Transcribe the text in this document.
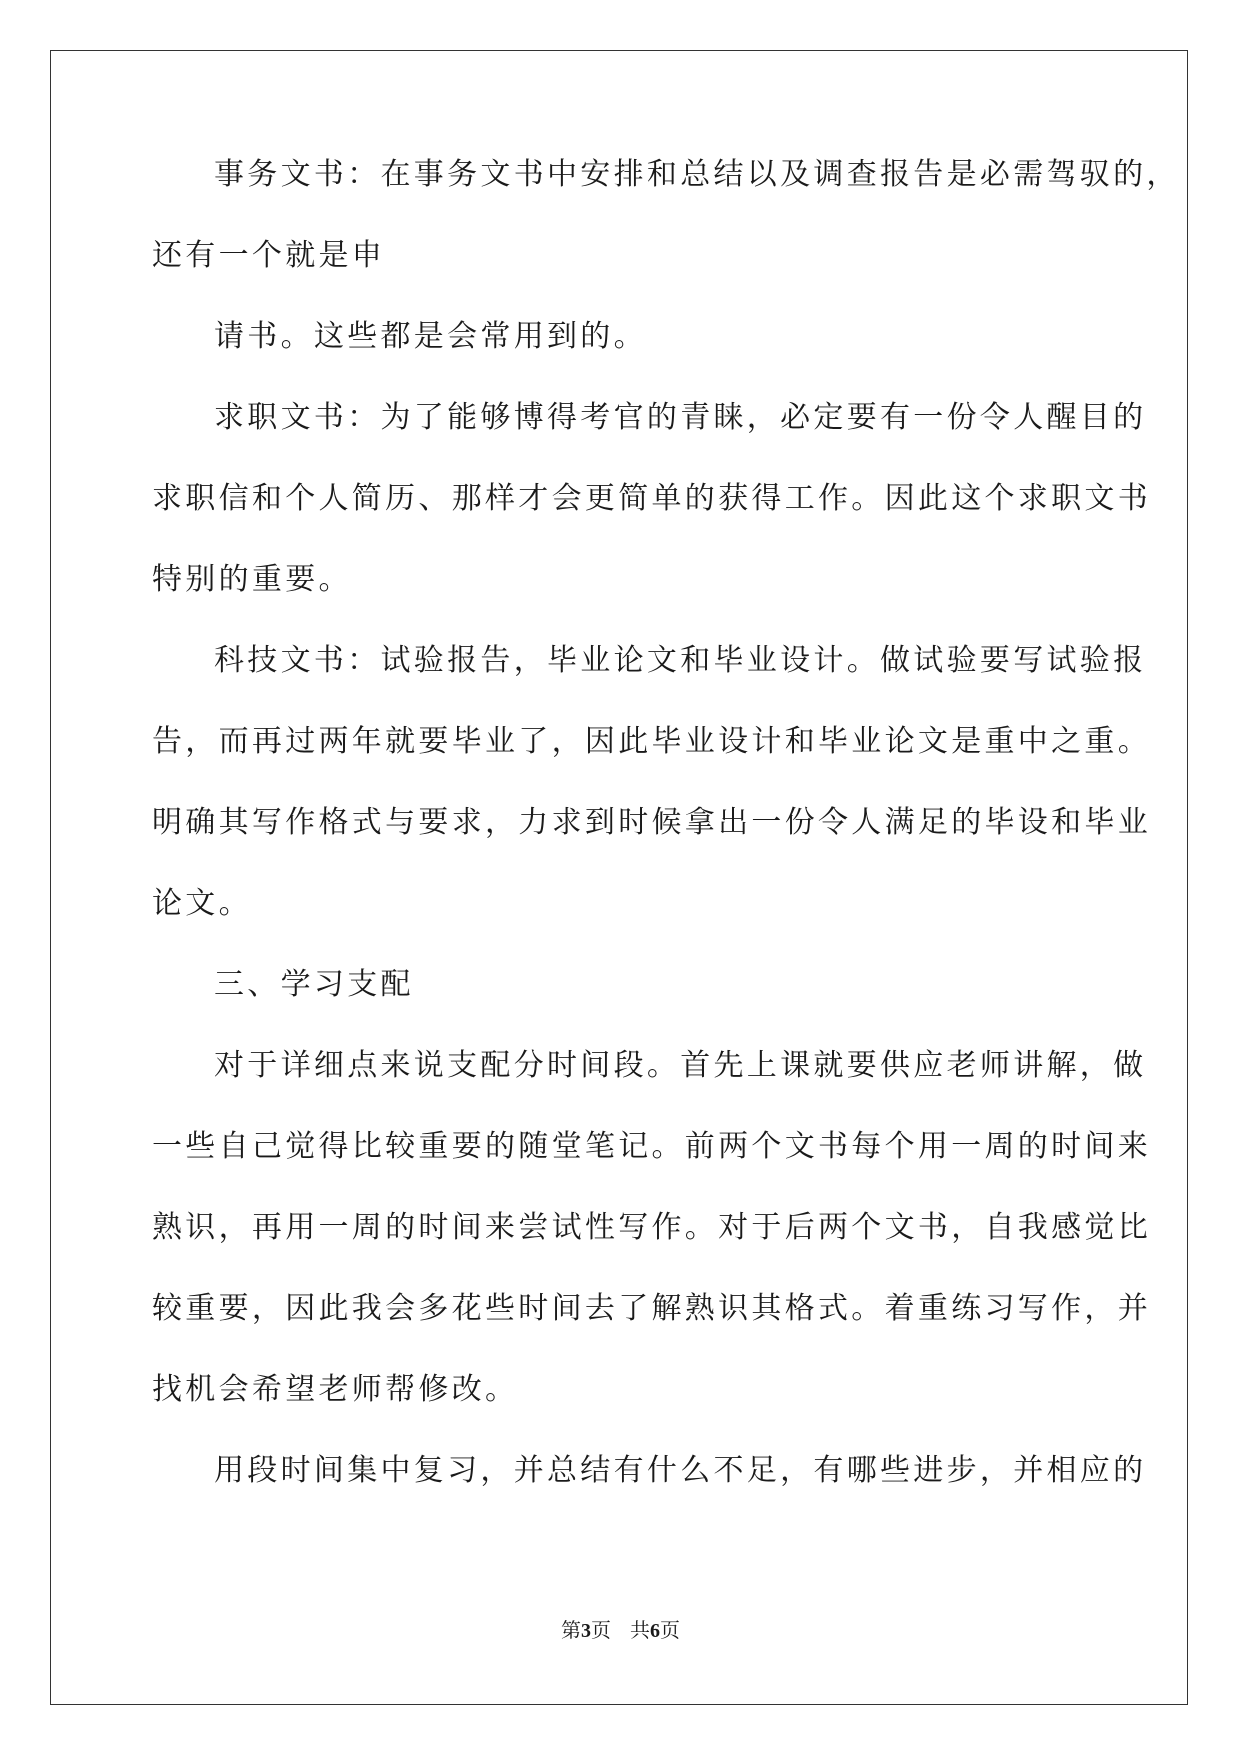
事务文书：在事务文书中安排和总结以及调查报告是必需驾驭的，
还有一个就是申
请书。这些都是会常用到的。
求职文书：为了能够博得考官的青睐，必定要有一份令人醒目的
求职信和个人简历、那样才会更简单的获得工作。因此这个求职文书
特别的重要。
科技文书：试验报告，毕业论文和毕业设计。做试验要写试验报
告，而再过两年就要毕业了，因此毕业设计和毕业论文是重中之重。
明确其写作格式与要求，力求到时候拿出一份令人满足的毕设和毕业
论文。
三、学习支配
对于详细点来说支配分时间段。首先上课就要供应老师讲解，做
一些自己觉得比较重要的随堂笔记。前两个文书每个用一周的时间来
熟识，再用一周的时间来尝试性写作。对于后两个文书，自我感觉比
较重要，因此我会多花些时间去了解熟识其格式。着重练习写作，并
找机会希望老师帮修改。
用段时间集中复习，并总结有什么不足，有哪些进步，并相应的
第3页 共6页
